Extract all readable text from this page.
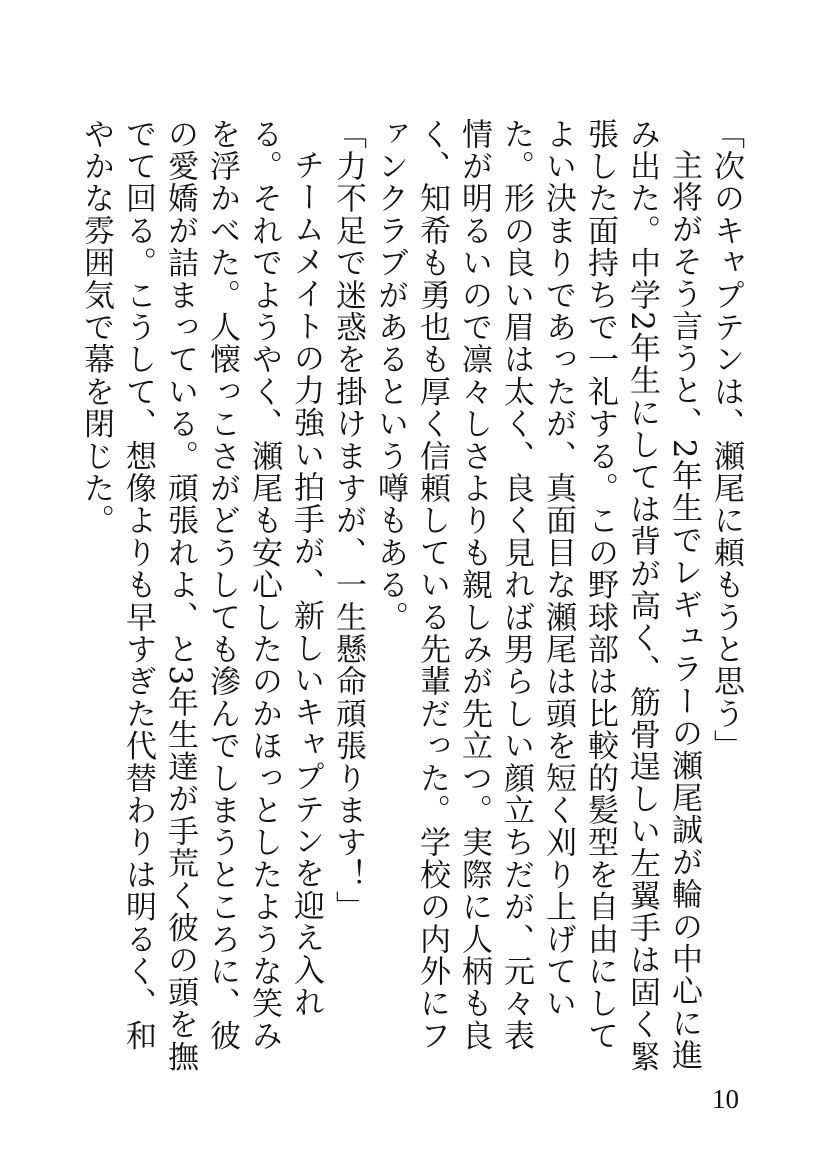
「次のキャプテンは、瀬尾に頼もうと思う」

主将がそう言うと、2年生でレギュラーの瀬尾誠が輪の中心に進み出た。中学2年生にしては背が高く、筋骨逞しい左翼手は固く緊張した面持ちで一礼する。この野球部は比較的髪型を自由にしてよい決まりであったが、真面目な瀬尾は頭を短く刈り上げていた。形の良い眉は太く、良く見れば男らしい顔立ちだが、元々表情が明るいので凛々しさよりも親しみが先立つ。実際に人柄も良く、知希も勇也も厚く信頼している先輩だった。学校の内外にファンクラブがあるという噂もある。

「力不足で迷惑を掛けますが、一生懸命頑張ります！」

チームメイトの力強い拍手が、新しいキャプテンを迎え入れる。それでようやく、瀬尾も安心したのかほっとしたような笑みを浮かべた。人懐っこさがどうしても滲んでしまうところに、彼の愛嬌が詰まっている。頑張れよ、と3年生達が手荒く彼の頭を撫でて回る。こうして、想像よりも早すぎた代替わりは明るく、和やかな雰囲気で幕を閉じた。

10
